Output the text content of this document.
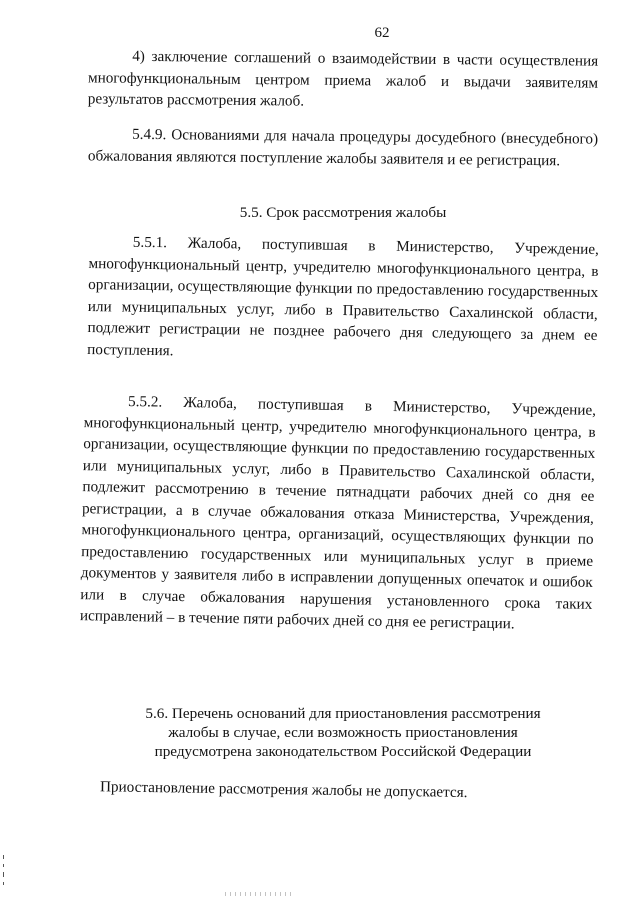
62

4) заключение соглашений о взаимодействии в части осуществления многофункциональным центром приема жалоб и выдачи заявителям результатов рассмотрения жалоб.

5.4.9. Основаниями для начала процедуры досудебного (внесудебного) обжалования являются поступление жалобы заявителя и ее регистрация.

5.5. Срок рассмотрения жалобы

5.5.1. Жалоба, поступившая в Министерство, Учреждение, многофункциональный центр, учредителю многофункционального центра, в организации, осуществляющие функции по предоставлению государственных или муниципальных услуг, либо в Правительство Сахалинской области, подлежит регистрации не позднее рабочего дня следующего за днем ее поступления.

5.5.2. Жалоба, поступившая в Министерство, Учреждение, многофункциональный центр, учредителю многофункционального центра, в организации, осуществляющие функции по предоставлению государственных или муниципальных услуг, либо в Правительство Сахалинской области, подлежит рассмотрению в течение пятнадцати рабочих дней со дня ее регистрации, а в случае обжалования отказа Министерства, Учреждения, многофункционального центра, организаций, осуществляющих функции по предоставлению государственных или муниципальных услуг в приеме документов у заявителя либо в исправлении допущенных опечаток и ошибок или в случае обжалования нарушения установленного срока таких исправлений – в течение пяти рабочих дней со дня ее регистрации.

5.6. Перечень оснований для приостановления рассмотрения
жалобы в случае, если возможность приостановления
предусмотрена законодательством Российской Федерации

Приостановление рассмотрения жалобы не допускается.
